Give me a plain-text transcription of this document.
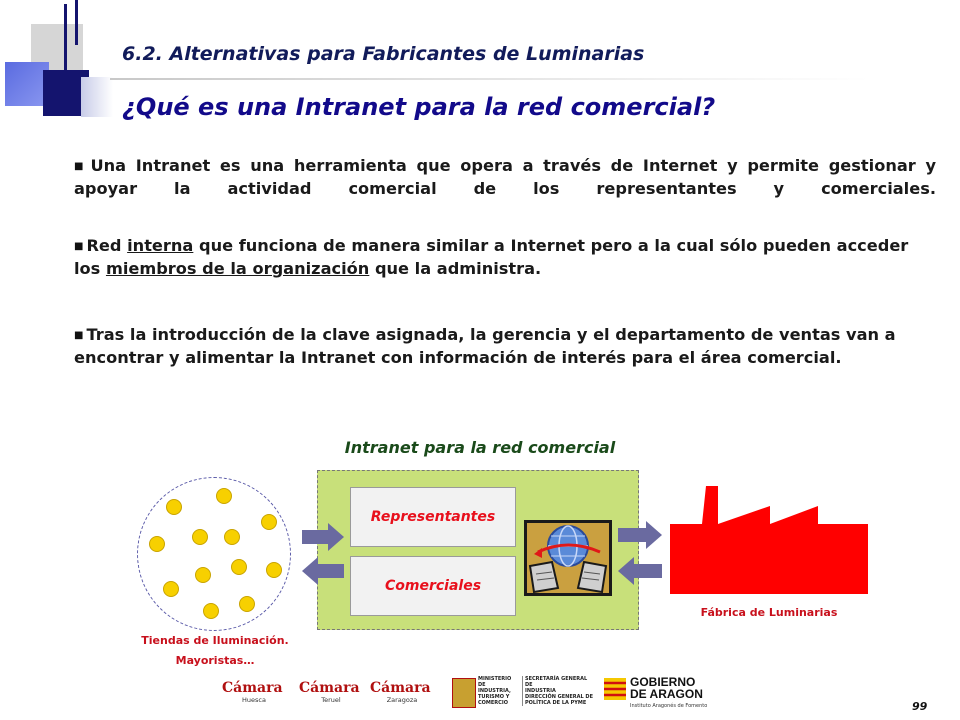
6.2. Alternativas para Fabricantes de Luminarias
¿Qué es una Intranet para la red comercial?
■ Una Intranet es una herramienta que opera a través de Internet y permite gestionar y apoyar la actividad comercial de los representantes y comerciales.
■ Red interna que funciona de manera similar a Internet pero a la cual sólo pueden acceder los miembros de la organización que la administra.
■ Tras la introducción de la clave asignada, la gerencia y el departamento de ventas van a encontrar y alimentar la Intranet con información de interés para el área comercial.
Intranet para la red comercial
Tiendas de Iluminación.
Mayoristas…
Representantes
Comerciales
Fábrica de Luminarias
Cámara
Huesca
Cámara
Teruel
Cámara
Zaragoza
MINISTERIO
DE INDUSTRIA,
TURISMO Y
COMERCIO
SECRETARÍA GENERAL DE
INDUSTRIA
DIRECCIÓN GENERAL DE
POLÍTICA DE LA PYME
GOBIERNO
DE ARAGON
Instituto Aragonés de Fomento	99
